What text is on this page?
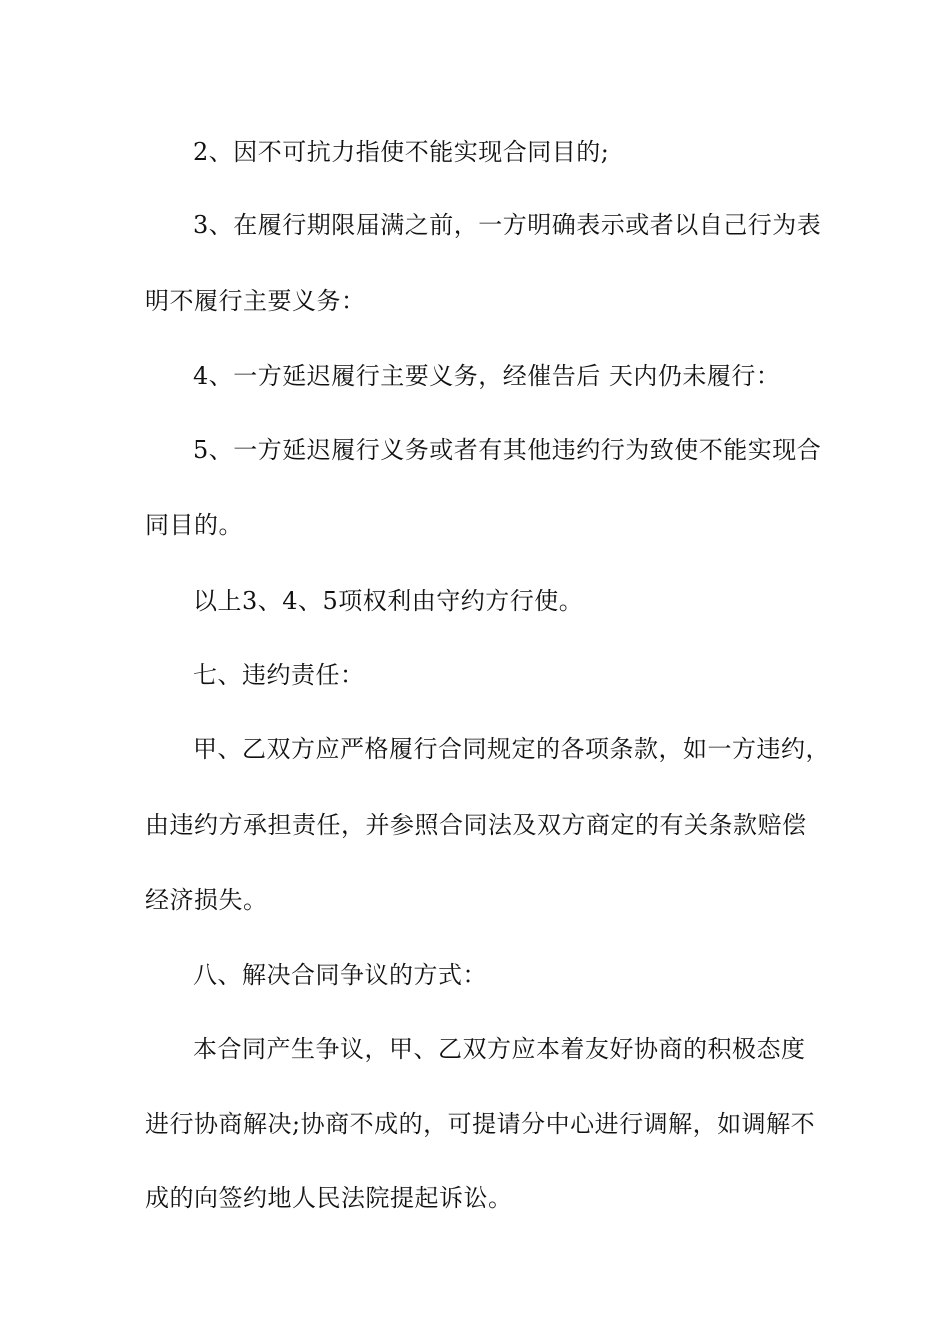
2、因不可抗力指使不能实现合同目的;
3、在履行期限届满之前，一方明确表示或者以自己行为表
明不履行主要义务：
4、一方延迟履行主要义务，经催告后 天内仍未履行：
5、一方延迟履行义务或者有其他违约行为致使不能实现合
同目的。
以上3、4、5项权利由守约方行使。
七、违约责任：
甲、乙双方应严格履行合同规定的各项条款，如一方违约，
由违约方承担责任，并参照合同法及双方商定的有关条款赔偿
经济损失。
八、解决合同争议的方式：
本合同产生争议，甲、乙双方应本着友好协商的积极态度
进行协商解决;协商不成的，可提请分中心进行调解，如调解不
成的向签约地人民法院提起诉讼。
